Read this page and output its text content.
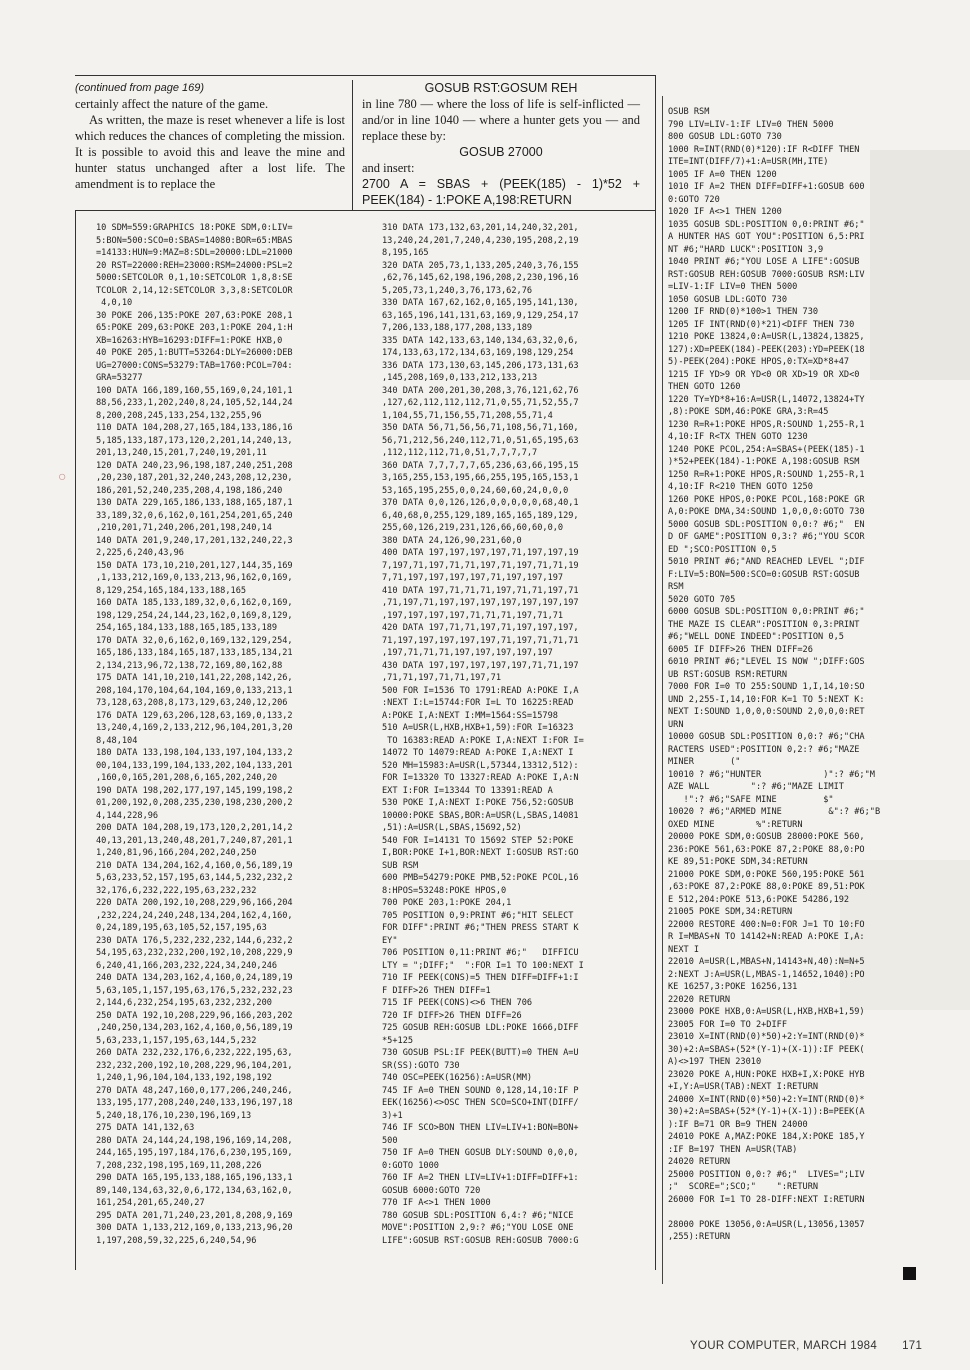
(continued from page 169)

certainly affect the nature of the game.

As written, the maze is reset whenever a life is lost which reduces the chances of completing the mission. It is possible to avoid this and leave the mine and hunter status unchanged after a lost life. The amendment is to replace the

GOSUB RST:GOSUM REH

in line 780 — where the loss of life is self-inflicted — and/or in line 1040 — where a hunter gets you — and replace these by:

GOSUB 27000

and insert:

2700 A = SBAS + (PEEK(185) - 1)*52 + PEEK(184) - 1:POKE A,198:RETURN

○
10 SDM=559:GRAPHICS 18:POKE SDM,0:LIV=
5:BON=500:SCO=0:SBAS=14080:BOR=65:MBAS
=14133:HUN=9:MAZ=8:SDL=20000:LDL=21000
20 RST=22000:REH=23000:RSM=24000:PSL=2
5000:SETCOLOR 0,1,10:SETCOLOR 1,8,8:SE
TCOLOR 2,14,12:SETCOLOR 3,3,8:SETCOLOR
4,0,10
30 POKE 206,135:POKE 207,63:POKE 208,1
65:POKE 209,63:POKE 203,1:POKE 204,1:H
XB=16263:HYB=16293:DIFF=1:POKE HXB,0
40 POKE 205,1:BUTT=53264:DLY=26000:DEB
UG=27000:CONS=53279:TAB=1760:PCOL=704:
GRA=53277
100 DATA 166,189,160,55,169,0,24,101,1
88,56,233,1,202,240,8,24,105,52,144,24
8,200,208,245,133,254,132,255,96
110 DATA 104,208,27,165,184,133,186,16
5,185,133,187,173,120,2,201,14,240,13,
201,13,240,15,201,7,240,19,201,11
120 DATA 240,23,96,198,187,240,251,208
,20,230,187,201,32,240,243,208,12,230,
186,201,52,240,235,208,4,198,186,240
130 DATA 229,165,186,133,188,165,187,1
33,189,32,0,6,162,0,161,254,201,65,240
,210,201,71,240,206,201,198,240,14
140 DATA 201,9,240,17,201,132,240,22,3
2,225,6,240,43,96
150 DATA 173,10,210,201,127,144,35,169
,1,133,212,169,0,133,213,96,162,0,169,
8,129,254,165,184,133,188,165
160 DATA 185,133,189,32,0,6,162,0,169,
198,129,254,24,144,23,162,0,169,8,129,
254,165,184,133,188,165,185,133,189
170 DATA 32,0,6,162,0,169,132,129,254,
165,186,133,184,165,187,133,185,134,21
2,134,213,96,72,138,72,169,80,162,88
175 DATA 141,10,210,141,22,208,142,26,
208,104,170,104,64,104,169,0,133,213,1
73,128,63,208,8,173,129,63,240,12,206
176 DATA 129,63,206,128,63,169,0,133,2
13,240,4,169,2,133,212,96,104,201,3,20
8,48,104
180 DATA 133,198,104,133,197,104,133,2
00,104,133,199,104,133,202,104,133,201
,160,0,165,201,208,6,165,202,240,20
190 DATA 198,202,177,197,145,199,198,2
01,200,192,0,208,235,230,198,230,200,2
4,144,228,96
200 DATA 104,208,19,173,120,2,201,14,2
40,13,201,13,240,48,201,7,240,87,201,1
1,240,81,96,166,204,202,240,250
210 DATA 134,204,162,4,160,0,56,189,19
5,63,233,52,157,195,63,144,5,232,232,2
32,176,6,232,222,195,63,232,232
220 DATA 200,192,10,208,229,96,166,204
,232,224,24,240,248,134,204,162,4,160,
0,24,189,195,63,105,52,157,195,63
230 DATA 176,5,232,232,232,144,6,232,2
54,195,63,232,232,200,192,10,208,229,9
6,240,41,166,203,232,224,34,240,246
240 DATA 134,203,162,4,160,0,24,189,19
5,63,105,1,157,195,63,176,5,232,232,23
2,144,6,232,254,195,63,232,232,200
250 DATA 192,10,208,229,96,166,203,202
,240,250,134,203,162,4,160,0,56,189,19
5,63,233,1,157,195,63,144,5,232
260 DATA 232,232,176,6,232,222,195,63,
232,232,200,192,10,208,229,96,104,201,
1,240,1,96,104,104,133,192,198,192
270 DATA 48,247,160,0,177,206,240,246,
133,195,177,208,240,240,133,196,197,18
5,240,18,176,10,230,196,169,13
275 DATA 141,132,63
280 DATA 24,144,24,198,196,169,14,208,
244,165,195,197,184,176,6,230,195,169,
7,208,232,198,195,169,11,208,226
290 DATA 165,195,133,188,165,196,133,1
89,140,134,63,32,0,6,172,134,63,162,0,
161,254,201,65,240,27
295 DATA 201,71,240,23,201,8,208,9,169
300 DATA 1,133,212,169,0,133,213,96,20
1,197,208,59,32,225,6,240,54,96
310 DATA 173,132,63,201,14,240,32,201,
13,240,24,201,7,240,4,230,195,208,2,19
8,195,165
320 DATA 205,73,1,133,205,240,3,76,155
,62,76,145,62,198,196,208,2,230,196,16
5,205,73,1,240,3,76,173,62,76
330 DATA 167,62,162,0,165,195,141,130,
63,165,196,141,131,63,169,9,129,254,17
7,206,133,188,177,208,133,189
335 DATA 142,133,63,140,134,63,32,0,6,
174,133,63,172,134,63,169,198,129,254
336 DATA 173,130,63,145,206,173,131,63
,145,208,169,0,133,212,133,213
340 DATA 200,201,30,208,3,76,121,62,76
,127,62,112,112,112,71,0,55,71,52,55,7
1,104,55,71,156,55,71,208,55,71,4
350 DATA 56,71,56,56,71,108,56,71,160,
56,71,212,56,240,112,71,0,51,65,195,63
,112,112,112,71,0,51,7,7,7,7,7
360 DATA 7,7,7,7,7,65,236,63,66,195,15
3,165,255,153,195,66,255,195,165,153,1
53,165,195,255,0,0,24,60,60,24,0,0,0
370 DATA 0,0,126,126,0,0,0,0,0,68,40,1
6,40,68,0,255,129,189,165,165,189,129,
255,60,126,219,231,126,66,60,60,0,0
380 DATA 24,126,90,231,60,0
400 DATA 197,197,197,197,71,197,197,19
7,197,71,197,71,71,197,71,197,71,71,19
7,71,197,197,197,197,71,197,197,197
410 DATA 197,71,71,71,197,71,71,197,71
,71,197,71,197,197,197,197,197,197,197
,197,197,197,197,71,71,71,197,71,71
420 DATA 197,71,71,197,71,197,197,197,
71,197,197,197,197,197,71,197,71,71,71
,197,71,71,71,197,197,197,197,197
430 DATA 197,197,197,197,197,71,71,197
,71,71,197,71,71,197,71
500 FOR I=1536 TO 1791:READ A:POKE I,A
:NEXT I:L=15744:FOR I=L TO 16225:READ
A:POKE I,A:NEXT I:MM=1564:SS=15798
510 A=USR(L,HXB,HXB+1,59):FOR I=16323
TO 16383:READ A:POKE I,A:NEXT I:FOR I=
14072 TO 14079:READ A:POKE I,A:NEXT I
520 MH=15983:A=USR(L,57344,13312,512):
FOR I=13320 TO 13327:READ A:POKE I,A:N
EXT I:FOR I=13344 TO 13391:READ A
530 POKE I,A:NEXT I:POKE 756,52:GOSUB
10000:POKE SBAS,BOR:A=USR(L,SBAS,14081
,51):A=USR(L,SBAS,15692,52)
540 FOR I=14131 TO 15692 STEP 52:POKE
I,BOR:POKE I+1,BOR:NEXT I:GOSUB RST:GO
SUB RSM
600 PMB=54279:POKE PMB,52:POKE PCOL,16
8:HPOS=53248:POKE HPOS,0
700 POKE 203,1:POKE 204,1
705 POSITION 0,9:PRINT #6;"HIT SELECT
FOR DIFF":PRINT #6;"THEN PRESS START K
EY"
706 POSITION 0,11:PRINT #6;"   DIFFICU
LTY = ";DIFF;"  ":FOR I=1 TO 100:NEXT I
710 IF PEEK(CONS)=5 THEN DIFF=DIFF+1:I
F DIFF>26 THEN DIFF=1
715 IF PEEK(CONS)<>6 THEN 706
720 IF DIFF>26 THEN DIFF=26
725 GOSUB REH:GOSUB LDL:POKE 1666,DIFF
*5+125
730 GOSUB PSL:IF PEEK(BUTT)=0 THEN A=U
SR(SS):GOTO 730
740 OSC=PEEK(16256):A=USR(MM)
745 IF A=0 THEN SOUND 0,128,14,10:IF P
EEK(16256)<>OSC THEN SCO=SCO+INT(DIFF/
3)+1
746 IF SCO>BON THEN LIV=LIV+1:BON=BON+
500
750 IF A=0 THEN GOSUB DLY:SOUND 0,0,0,
0:GOTO 1000
760 IF A=2 THEN LIV=LIV+1:DIFF=DIFF+1:
GOSUB 6000:GOTO 720
770 IF A<>1 THEN 1000
780 GOSUB SDL:POSITION 6,4:? #6;"NICE
MOVE":POSITION 2,9:? #6;"YOU LOSE ONE
LIFE":GOSUB RST:GOSUB REH:GOSUB 7000:G
OSUB RSM
790 LIV=LIV-1:IF LIV=0 THEN 5000
800 GOSUB LDL:GOTO 730
1000 R=INT(RND(0)*120):IF R<DIFF THEN
ITE=INT(DIFF/7)+1:A=USR(MH,ITE)
1005 IF A=0 THEN 1200
1010 IF A=2 THEN DIFF=DIFF+1:GOSUB 600
0:GOTO 720
1020 IF A<>1 THEN 1200
1035 GOSUB SDL:POSITION 0,0:PRINT #6;"
A HUNTER HAS GOT YOU":POSITION 6,5:PRI
NT #6;"HARD LUCK":POSITION 3,9
1040 PRINT #6;"YOU LOSE A LIFE":GOSUB
RST:GOSUB REH:GOSUB 7000:GOSUB RSM:LIV
=LIV-1:IF LIV=0 THEN 5000
1050 GOSUB LDL:GOTO 730
1200 IF RND(0)*100>1 THEN 730
1205 IF INT(RND(0)*21)<DIFF THEN 730
1210 POKE 13824,0:A=USR(L,13824,13825,
127):XD=PEEK(184)-PEEK(203):YD=PEEK(18
5)-PEEK(204):POKE HPOS,0:TX=XD*8+47
1215 IF YD>9 OR YD<0 OR XD>19 OR XD<0
THEN GOTO 1260
1220 TY=YD*8+16:A=USR(L,14072,13824+TY
,8):POKE SDM,46:POKE GRA,3:R=45
1230 R=R+1:POKE HPOS,R:SOUND 1,255-R,1
4,10:IF R<TX THEN GOTO 1230
1240 POKE PCOL,254:A=SBAS+(PEEK(185)-1
)*52+PEEK(184)-1:POKE A,198:GOSUB RSM
1250 R=R+1:POKE HPOS,R:SOUND 1,255-R,1
4,10:IF R<210 THEN GOTO 1250
1260 POKE HPOS,0:POKE PCOL,168:POKE GR
A,0:POKE DMA,34:SOUND 1,0,0,0:GOTO 730
5000 GOSUB SDL:POSITION 0,0:? #6;"  EN
D OF GAME":POSITION 0,3:? #6;"YOU SCOR
ED ";SCO:POSITION 0,5
5010 PRINT #6;"AND REACHED LEVEL ";DIF
F:LIV=5:BON=500:SCO=0:GOSUB RST:GOSUB
RSM
5020 GOTO 705
6000 GOSUB SDL:POSITION 0,0:PRINT #6;"
THE MAZE IS CLEAR":POSITION 0,3:PRINT
#6;"WELL DONE INDEED":POSITION 0,5
6005 IF DIFF>26 THEN DIFF=26
6010 PRINT #6;"LEVEL IS NOW ";DIFF:GOS
UB RST:GOSUB RSM:RETURN
7000 FOR I=0 TO 255:SOUND 1,I,14,10:SO
UND 2,255-I,14,10:FOR K=1 TO 5:NEXT K:
NEXT I:SOUND 1,0,0,0:SOUND 2,0,0,0:RET
URN
10000 GOSUB SDL:POSITION 0,0:? #6;"CHA
RACTERS USED":POSITION 0,2:? #6;"MAZE
MINER       ("
10010 ? #6;"HUNTER            )":? #6;"M
AZE WALL        ":? #6;"MAZE LIMIT
!":? #6;"SAFE MINE         $"
10020 ? #6;"ARMED MINE         &":? #6;"B
OXED MINE        %":RETURN
20000 POKE SDM,0:GOSUB 28000:POKE 560,
236:POKE 561,63:POKE 87,2:POKE 88,0:PO
KE 89,51:POKE SDM,34:RETURN
21000 POKE SDM,0:POKE 560,195:POKE 561
,63:POKE 87,2:POKE 88,0:POKE 89,51:POK
E 512,204:POKE 513,6:POKE 54286,192
21005 POKE SDM,34:RETURN
22000 RESTORE 400:N=0:FOR J=1 TO 10:FO
R I=MBAS+N TO 14142+N:READ A:POKE I,A:
NEXT I
22010 A=USR(L,MBAS+N,14143+N,40):N=N+5
2:NEXT J:A=USR(L,MBAS-1,14652,1040):PO
KE 16257,3:POKE 16256,131
22020 RETURN
23000 POKE HXB,0:A=USR(L,HXB,HXB+1,59)
23005 FOR I=0 TO 2+DIFF
23010 X=INT(RND(0)*50)+2:Y=INT(RND(0)*
30)+2:A=SBAS+(52*(Y-1)+(X-1)):IF PEEK(
A)<>197 THEN 23010
23020 POKE A,HUN:POKE HXB+I,X:POKE HYB
+I,Y:A=USR(TAB):NEXT I:RETURN
24000 X=INT(RND(0)*50)+2:Y=INT(RND(0)*
30)+2:A=SBAS+(52*(Y-1)+(X-1)):B=PEEK(A
):IF B=71 OR B=9 THEN 24000
24010 POKE A,MAZ:POKE 184,X:POKE 185,Y
:IF B=197 THEN A=USR(TAB)
24020 RETURN
25000 POSITION 0,0:? #6;"  LIVES=";LIV
;"  SCORE=";SCO;"    ":RETURN
26000 FOR I=1 TO 28-DIFF:NEXT I:RETURN

28000 POKE 13056,0:A=USR(L,13056,13057
,255):RETURN
YOUR COMPUTER, MARCH 1984 171
